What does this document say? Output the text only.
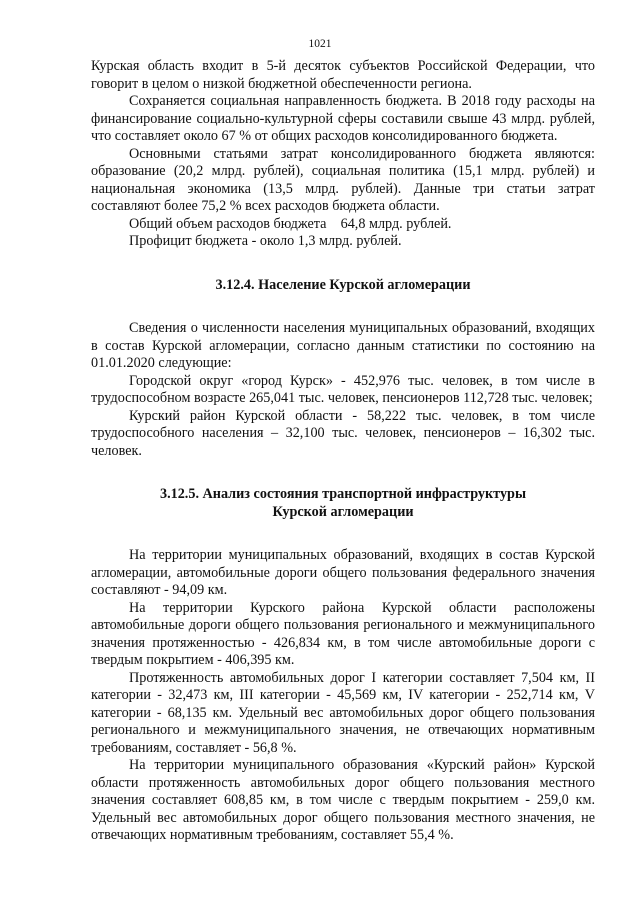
1021

Курская область входит в 5-й десяток субъектов Российской Федерации, что говорит в целом о низкой бюджетной обеспеченности региона.

Сохраняется социальная направленность бюджета. В 2018 году расходы на финансирование социально-культурной сферы составили свыше 43 млрд. рублей, что составляет около 67 % от общих расходов консолидированного бюджета.

Основными статьями затрат консолидированного бюджета являются: образование (20,2 млрд. рублей), социальная политика (15,1 млрд. рублей) и национальная экономика (13,5 млрд. рублей). Данные три статьи затрат составляют более 75,2 % всех расходов бюджета области.

Общий объем расходов бюджета    64,8 млрд. рублей.

Профицит бюджета - около 1,3 млрд. рублей.

3.12.4. Население Курской агломерации

Сведения о численности населения муниципальных образований, входящих в состав Курской агломерации, согласно данным статистики по состоянию на 01.01.2020 следующие:

Городской округ «город Курск» - 452,976 тыс. человек, в том числе в трудоспособном возрасте 265,041 тыс. человек, пенсионеров 112,728 тыс. человек;

Курский район Курской области - 58,222 тыс. человек, в том числе трудоспособного населения – 32,100 тыс. человек, пенсионеров – 16,302 тыс. человек.

3.12.5. Анализ состояния транспортной инфраструктуры
Курской агломерации

На территории муниципальных образований, входящих в состав Курской агломерации, автомобильные дороги общего пользования федерального значения составляют - 94,09 км.

На территории Курского района Курской области расположены автомобильные дороги общего пользования регионального и межмуниципального значения протяженностью - 426,834 км, в том числе автомобильные дороги с твердым покрытием - 406,395 км.

Протяженность автомобильных дорог I категории составляет 7,504 км, II категории - 32,473 км, III категории - 45,569 км, IV категории - 252,714 км, V категории - 68,135 км. Удельный вес автомобильных дорог общего пользования регионального и межмуниципального значения, не отвечающих нормативным требованиям, составляет - 56,8 %.

На территории муниципального образования «Курский район» Курской области протяженность автомобильных дорог общего пользования местного значения составляет 608,85 км, в том числе с твердым покрытием - 259,0 км. Удельный вес автомобильных дорог общего пользования местного значения, не отвечающих нормативным требованиям, составляет 55,4 %.
